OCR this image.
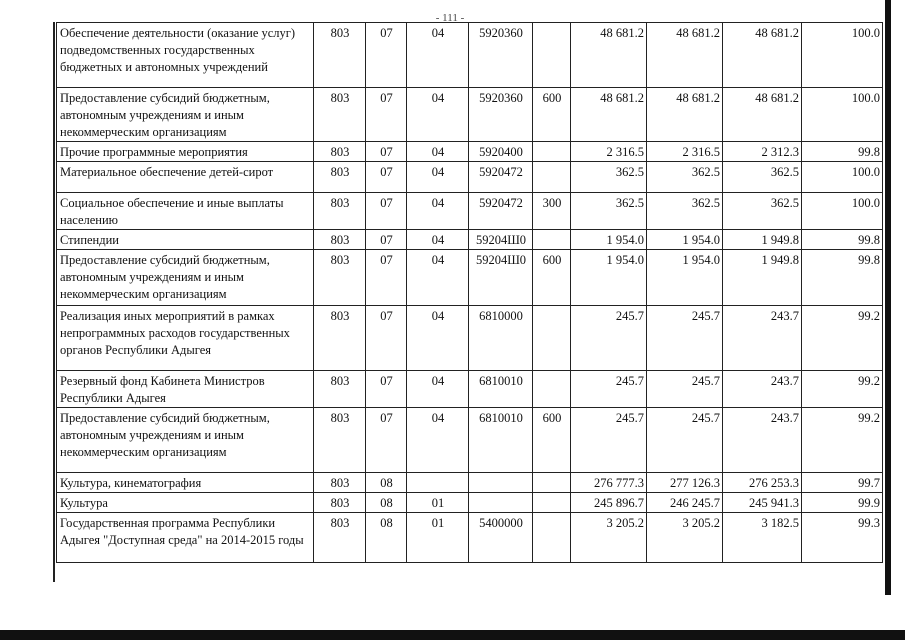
- 111 -
Обеспечение деятельности (оказание услуг) подведомственных государственных бюджетных и автономных учреждений	803	07	04	5920360		48 681.2	48 681.2	48 681.2	100.0
Предоставление субсидий бюджетным, автономным учреждениям и иным некоммерческим организациям	803	07	04	5920360	600	48 681.2	48 681.2	48 681.2	100.0
Прочие программные мероприятия	803	07	04	5920400		2 316.5	2 316.5	2 312.3	99.8
Материальное обеспечение детей-сирот	803	07	04	5920472		362.5	362.5	362.5	100.0
Социальное обеспечение и иные выплаты населению	803	07	04	5920472	300	362.5	362.5	362.5	100.0
Стипендии	803	07	04	59204Ш0		1 954.0	1 954.0	1 949.8	99.8
Предоставление субсидий бюджетным, автономным учреждениям и иным некоммерческим организациям	803	07	04	59204Ш0	600	1 954.0	1 954.0	1 949.8	99.8
Реализация иных мероприятий в рамках непрограммных расходов государственных органов Республики Адыгея	803	07	04	6810000		245.7	245.7	243.7	99.2
Резервный фонд Кабинета Министров Республики Адыгея	803	07	04	6810010		245.7	245.7	243.7	99.2
Предоставление субсидий бюджетным, автономным учреждениям и иным некоммерческим организациям	803	07	04	6810010	600	245.7	245.7	243.7	99.2
Культура, кинематография	803	08				276 777.3	277 126.3	276 253.3	99.7
Культура	803	08	01			245 896.7	246 245.7	245 941.3	99.9
Государственная программа Республики Адыгея "Доступная среда" на 2014-2015 годы	803	08	01	5400000		3 205.2	3 205.2	3 182.5	99.3
